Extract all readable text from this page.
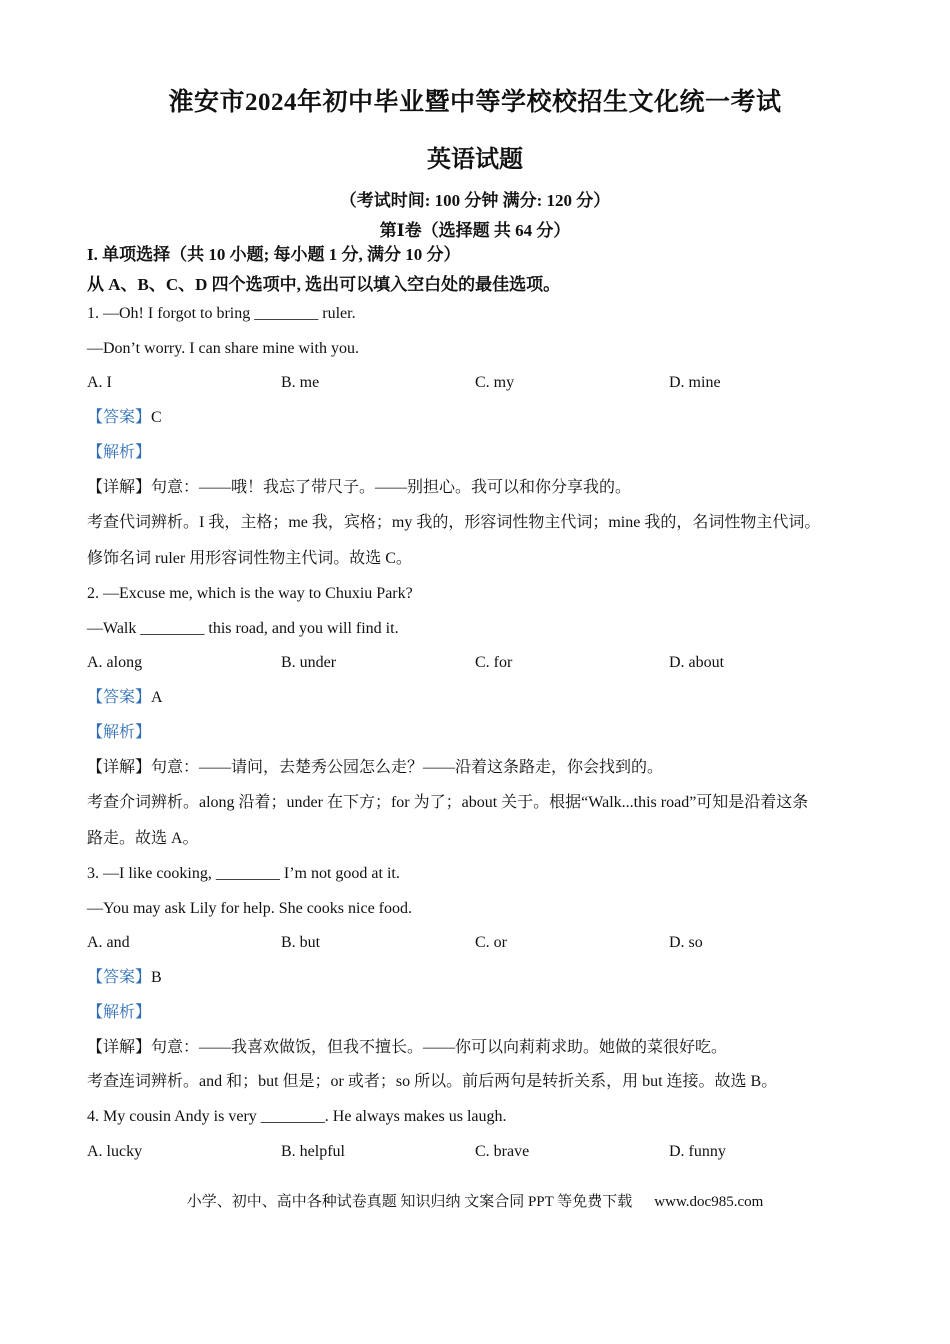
淮安市2024年初中毕业暨中等学校校招生文化统一考试
英语试题
（考试时间: 100 分钟 满分: 120 分）
第Ⅰ卷（选择题 共 64 分）
I. 单项选择（共 10 小题; 每小题 1 分, 满分 10 分）
从 A、B、C、D 四个选项中, 选出可以填入空白处的最佳选项。
1. —Oh! I forgot to bring ________ ruler.
—Don’t worry. I can share mine with you.
A. I	B. me	C. my	D. mine
【答案】C
【解析】
【详解】句意：——哦！我忘了带尺子。——别担心。我可以和你分享我的。
考查代词辨析。I 我，主格；me 我，宾格；my 我的，形容词性物主代词；mine 我的，名词性物主代词。
修饰名词 ruler 用形容词性物主代词。故选 C。
2. —Excuse me, which is the way to Chuxiu Park?
—Walk ________ this road, and you will find it.
A. along	B. under	C. for	D. about
【答案】A
【解析】
【详解】句意：——请问，去楚秀公园怎么走？——沿着这条路走，你会找到的。
考查介词辨析。along 沿着；under 在下方；for 为了；about 关于。根据“Walk...this road”可知是沿着这条
路走。故选 A。
3. —I like cooking, ________ I’m not good at it.
—You may ask Lily for help. She cooks nice food.
A. and	B. but	C. or	D. so
【答案】B
【解析】
【详解】句意：——我喜欢做饭，但我不擅长。——你可以向莉莉求助。她做的菜很好吃。
考查连词辨析。and 和；but 但是；or 或者；so 所以。前后两句是转折关系，用 but 连接。故选 B。
4. My cousin Andy is very ________. He always makes us laugh.
A. lucky	B. helpful	C. brave	D. funny
小学、初中、高中各种试卷真题 知识归纳 文案合同 PPT 等免费下载 www.doc985.com
